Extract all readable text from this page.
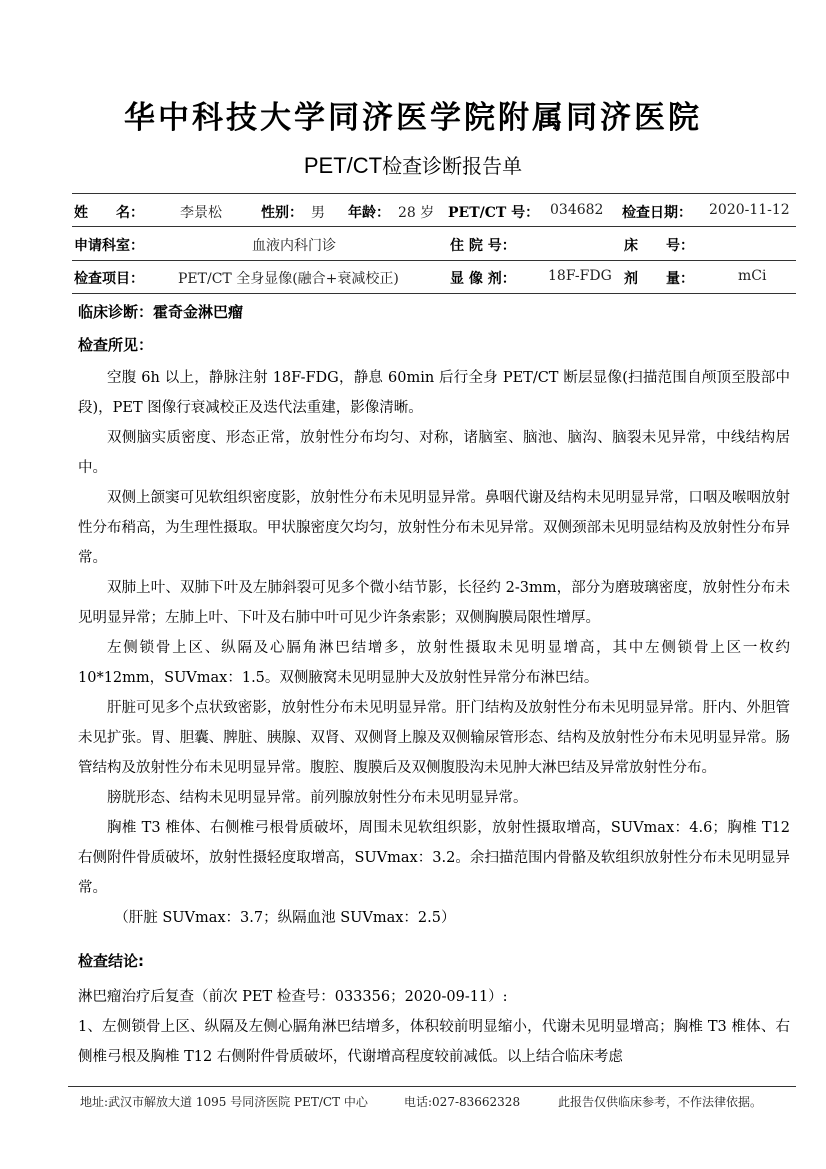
华中科技大学同济医学院附属同济医院
PET/CT检查诊断报告单
姓　　名：	李景松	性别： 男 年龄： 28 岁 PET/CT 号： 034682 检查日期： 2020-11-12
申请科室：	血液内科门诊	住 院 号：	床　　号：
检查项目： PET/CT 全身显像(融合+衰减校正)	显 像 剂： 18F-FDG 剂　　量：	mCi
临床诊断：霍奇金淋巴瘤
检查所见：

空腹 6h 以上，静脉注射 18F-FDG，静息 60min 后行全身 PET/CT 断层显像(扫描范围自颅顶至股部中段)，PET 图像行衰减校正及迭代法重建，影像清晰。

双侧脑实质密度、形态正常，放射性分布均匀、对称，诸脑室、脑池、脑沟、脑裂未见异常，中线结构居中。

双侧上颌窦可见软组织密度影，放射性分布未见明显异常。鼻咽代谢及结构未见明显异常，口咽及喉咽放射性分布稍高，为生理性摄取。甲状腺密度欠均匀，放射性分布未见异常。双侧颈部未见明显结构及放射性分布异常。

双肺上叶、双肺下叶及左肺斜裂可见多个微小结节影，长径约 2-3mm，部分为磨玻璃密度，放射性分布未见明显异常；左肺上叶、下叶及右肺中叶可见少许条索影；双侧胸膜局限性增厚。

左侧锁骨上区、纵隔及心膈角淋巴结增多，放射性摄取未见明显增高，其中左侧锁骨上区一枚约 10*12mm，SUVmax：1.5。双侧腋窝未见明显肿大及放射性异常分布淋巴结。

肝脏可见多个点状致密影，放射性分布未见明显异常。肝门结构及放射性分布未见明显异常。肝内、外胆管未见扩张。胃、胆囊、脾脏、胰腺、双肾、双侧肾上腺及双侧输尿管形态、结构及放射性分布未见明显异常。肠管结构及放射性分布未见明显异常。腹腔、腹膜后及双侧腹股沟未见肿大淋巴结及异常放射性分布。

膀胱形态、结构未见明显异常。前列腺放射性分布未见明显异常。

胸椎 T3 椎体、右侧椎弓根骨质破坏，周围未见软组织影，放射性摄取增高，SUVmax：4.6；胸椎 T12 右侧附件骨质破坏，放射性摄轻度取增高，SUVmax：3.2。余扫描范围内骨骼及软组织放射性分布未见明显异常。

（肝脏 SUVmax：3.7；纵隔血池 SUVmax：2.5）

检查结论:

淋巴瘤治疗后复查（前次 PET 检查号：033356；2020-09-11）:

1、左侧锁骨上区、纵隔及左侧心膈角淋巴结增多，体积较前明显缩小，代谢未见明显增高；胸椎 T3 椎体、右侧椎弓根及胸椎 T12 右侧附件骨质破坏，代谢增高程度较前减低。以上结合临床考虑

地址:武汉市解放大道 1095 号同济医院 PET/CT 中心	电话:027-83662328	此报告仅供临床参考，不作法律依据。
